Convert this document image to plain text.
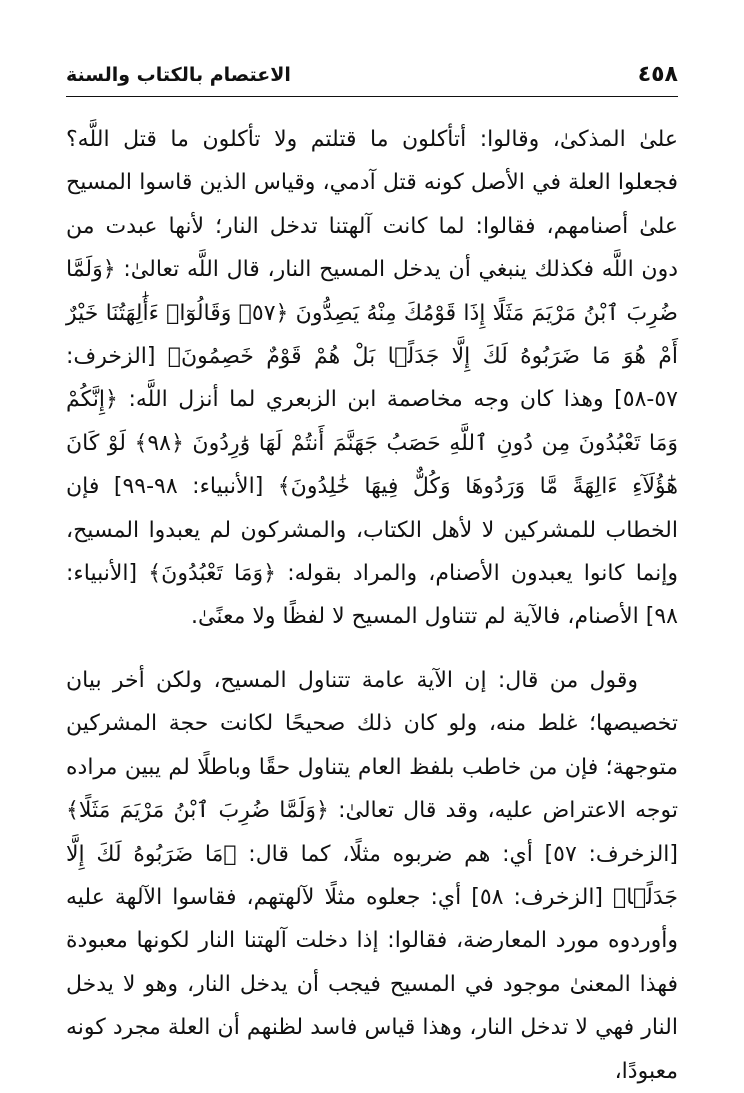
٤٥٨
الاعتصام بالكتاب والسنة

علىٰ المذكىٰ، وقالوا: أتأكلون ما قتلتم ولا تأكلون ما قتل اللَّه؟ فجعلوا العلة في الأصل كونه قتل آدمي، وقياس الذين قاسوا المسيح علىٰ أصنامهم، فقالوا: لما كانت آلهتنا تدخل النار؛ لأنها عبدت من دون اللَّه فكذلك ينبغي أن يدخل المسيح النار، قال اللَّه تعالىٰ: ﴿وَلَمَّا ضُرِبَ ٱبْنُ مَرْيَمَ مَثَلًا إِذَا قَوْمُكَ مِنْهُ يَصِدُّونَ ﴿٥٧﴾ وَقَالُوٓا۟ ءَأَٰلِهَتُنَا خَيْرٌ أَمْ هُوَ مَا ضَرَبُوهُ لَكَ إِلَّا جَدَلًۢا بَلْ هُمْ قَوْمٌ خَصِمُونَ﴾ [الزخرف: ٥٧-٥٨] وهذا كان وجه مخاصمة ابن الزبعري لما أنزل اللَّه: ﴿إِنَّكُمْ وَمَا تَعْبُدُونَ مِن دُونِ ٱللَّهِ حَصَبُ جَهَنَّمَ أَنتُمْ لَهَا وَٰرِدُونَ ﴿٩٨﴾ لَوْ كَانَ هَٰٓؤُلَآءِ ءَالِهَةً مَّا وَرَدُوهَا وَكُلٌّ فِيهَا خَٰلِدُونَ﴾ [الأنبياء: ٩٨-٩٩] فإن الخطاب للمشركين لا لأهل الكتاب، والمشركون لم يعبدوا المسيح، وإنما كانوا يعبدون الأصنام، والمراد بقوله: ﴿وَمَا تَعْبُدُونَ﴾ [الأنبياء: ٩٨] الأصنام، فالآية لم تتناول المسيح لا لفظًا ولا معنًىٰ.

وقول من قال: إن الآية عامة تتناول المسيح، ولكن أخر بيان تخصيصها؛ غلط منه، ولو كان ذلك صحيحًا لكانت حجة المشركين متوجهة؛ فإن من خاطب بلفظ العام يتناول حقًا وباطلًا لم يبين مراده توجه الاعتراض عليه، وقد قال تعالىٰ: ﴿وَلَمَّا ضُرِبَ ٱبْنُ مَرْيَمَ مَثَلًا﴾ [الزخرف: ٥٧] أي: هم ضربوه مثلًا، كما قال: ﴿مَا ضَرَبُوهُ لَكَ إِلَّا جَدَلًۢا﴾ [الزخرف: ٥٨] أي: جعلوه مثلًا لآلهتهم، فقاسوا الآلهة عليه وأوردوه مورد المعارضة، فقالوا: إذا دخلت آلهتنا النار لكونها معبودة فهذا المعنىٰ موجود في المسيح فيجب أن يدخل النار، وهو لا يدخل النار فهي لا تدخل النار، وهذا قياس فاسد لظنهم أن العلة مجرد كونه معبودًا،
